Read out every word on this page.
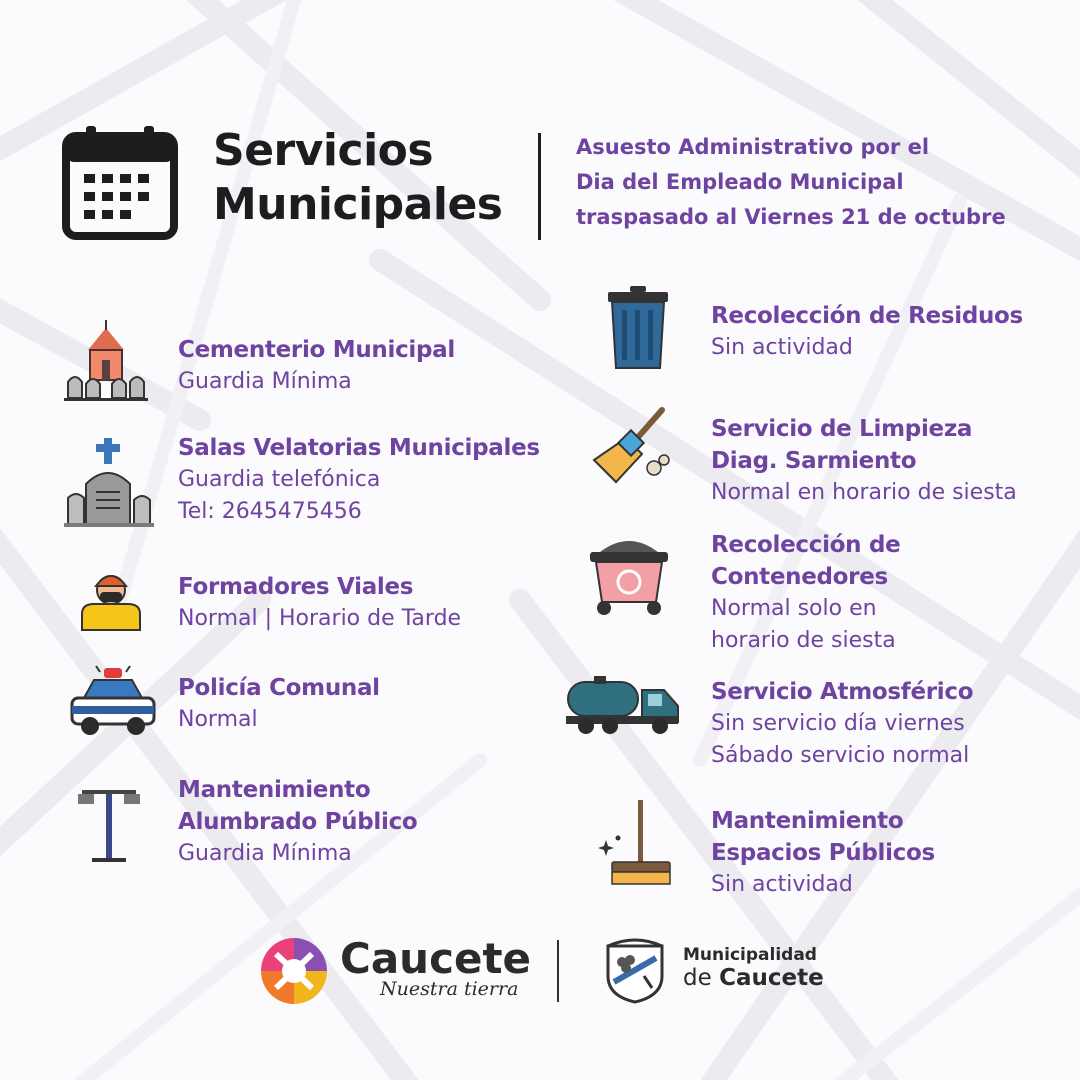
Servicios
Municipales
Asuesto Administrativo por el
Dia del Empleado Municipal
traspasado al Viernes 21 de octubre
Cementerio Municipal
Guardia Mínima
Salas Velatorias Municipales
Guardia telefónica
Tel: 2645475456
Formadores Viales
Normal | Horario de Tarde
Policía Comunal
Normal
Mantenimiento
Alumbrado Público
Guardia Mínima
Recolección de Residuos
Sin actividad
Servicio de Limpieza
Diag. Sarmiento
Normal en horario de siesta
Recolección de
Contenedores
Normal solo en
horario de siesta
Servicio Atmosférico
Sin servicio día viernes
Sábado servicio normal
Mantenimiento
Espacios Públicos
Sin actividad
Caucete
Nuestra tierra
Municipalidad
de Caucete
